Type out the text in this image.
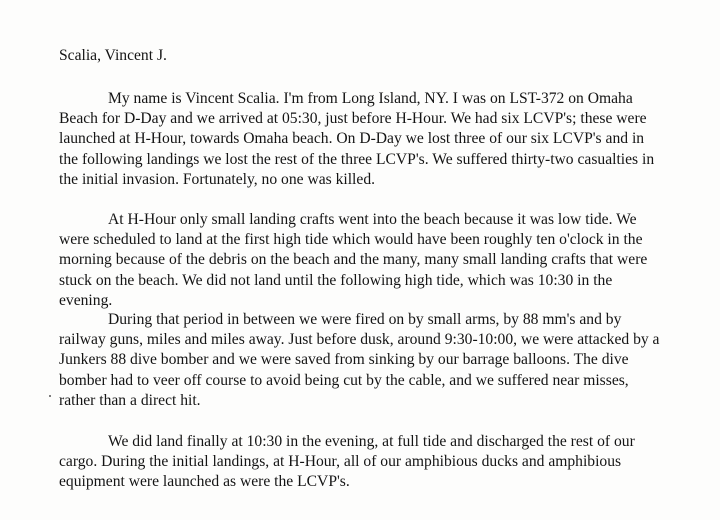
Scalia, Vincent J.

My name is Vincent Scalia. I'm from Long Island, NY. I was on LST-372 on Omaha
Beach for D-Day and we arrived at 05:30, just before H-Hour. We had six LCVP's; these were
launched at H-Hour, towards Omaha beach. On D-Day we lost three of our six LCVP's and in
the following landings we lost the rest of the three LCVP's. We suffered thirty-two casualties in
the initial invasion. Fortunately, no one was killed.
At H-Hour only small landing crafts went into the beach because it was low tide. We
were scheduled to land at the first high tide which would have been roughly ten o'clock in the
morning because of the debris on the beach and the many, many small landing crafts that were
stuck on the beach. We did not land until the following high tide, which was 10:30 in the
evening.
During that period in between we were fired on by small arms, by 88 mm's and by
railway guns, miles and miles away. Just before dusk, around 9:30-10:00, we were attacked by a
Junkers 88 dive bomber and we were saved from sinking by our barrage balloons. The dive
bomber had to veer off course to avoid being cut by the cable, and we suffered near misses,
rather than a direct hit.
We did land finally at 10:30 in the evening, at full tide and discharged the rest of our
cargo. During the initial landings, at H-Hour, all of our amphibious ducks and amphibious
equipment were launched as were the LCVP's.
